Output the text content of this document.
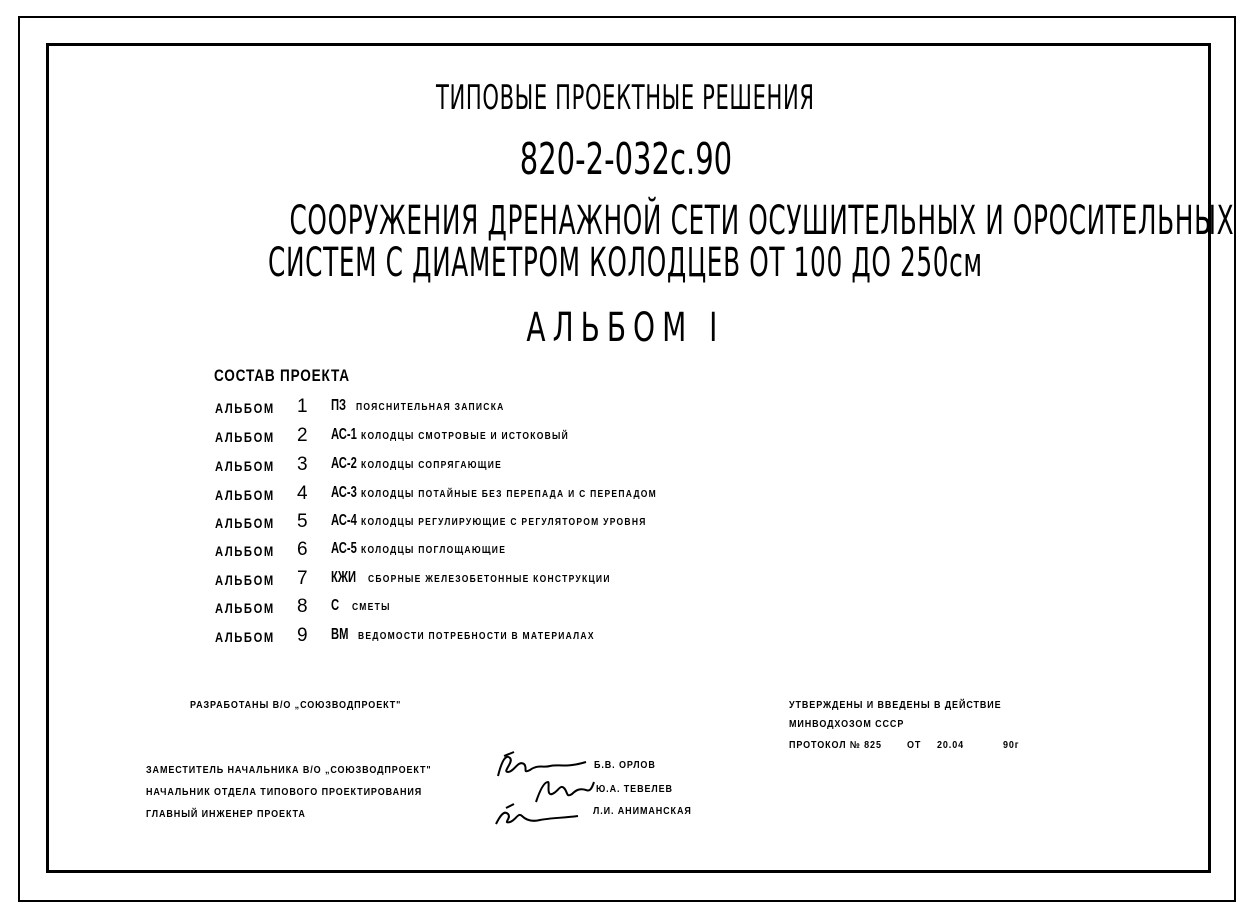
ТИПОВЫЕ ПРОЕКТНЫЕ РЕШЕНИЯ
820-2-032с.90
СООРУЖЕНИЯ ДРЕНАЖНОЙ СЕТИ ОСУШИТЕЛЬНЫХ И ОРОСИТЕЛЬНЫХ
СИСТЕМ С ДИАМЕТРОМ КОЛОДЦЕВ ОТ 100 ДО 250см
АЛЬБОМ I
СОСТАВ ПРОЕКТА
АЛЬБОМ 1 ПЗ ПОЯСНИТЕЛЬНАЯ ЗАПИСКА
АЛЬБОМ 2 АС-1 КОЛОДЦЫ СМОТРОВЫЕ И ИСТОКОВЫЙ
АЛЬБОМ 3 АС-2 КОЛОДЦЫ СОПРЯГАЮЩИЕ
АЛЬБОМ 4 АС-3 КОЛОДЦЫ ПОТАЙНЫЕ БЕЗ ПЕРЕПАДА И С ПЕРЕПАДОМ
АЛЬБОМ 5 АС-4 КОЛОДЦЫ РЕГУЛИРУЮЩИЕ С РЕГУЛЯТОРОМ УРОВНЯ
АЛЬБОМ 6 АС-5 КОЛОДЦЫ ПОГЛОЩАЮЩИЕ
АЛЬБОМ 7 КЖИ СБОРНЫЕ ЖЕЛЕЗОБЕТОННЫЕ КОНСТРУКЦИИ
АЛЬБОМ 8 С СМЕТЫ
АЛЬБОМ 9 ВМ ВЕДОМОСТИ ПОТРЕБНОСТИ В МАТЕРИАЛАХ
РАЗРАБОТАНЫ В/О „СОЮЗВОДПРОЕКТ"	УТВЕРЖДЕНЫ И ВВЕДЕНЫ В ДЕЙСТВИЕ
МИНВОДХОЗОМ СССР
ПРОТОКОЛ № 825	ОТ 20.04	90г
ЗАМЕСТИТЕЛЬ НАЧАЛЬНИКА В/О „СОЮЗВОДПРОЕКТ"
НАЧАЛЬНИК ОТДЕЛА ТИПОВОГО ПРОЕКТИРОВАНИЯ
ГЛАВНЫЙ ИНЖЕНЕР ПРОЕКТА
Б.В. ОРЛОВ
Ю.А. ТЕВЕЛЕВ
Л.И. АНИМАНСКАЯ
